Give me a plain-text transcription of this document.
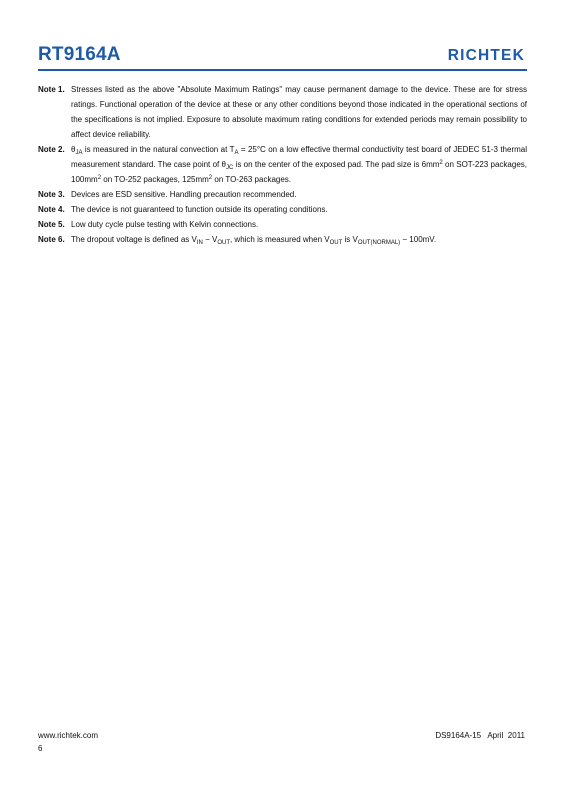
RT9164A	RICHTEK
Note 1. Stresses listed as the above "Absolute Maximum Ratings" may cause permanent damage to the device. These are for stress ratings. Functional operation of the device at these or any other conditions beyond those indicated in the operational sections of the specifications is not implied. Exposure to absolute maximum rating conditions for extended periods may remain possibility to affect device reliability.
Note 2. $\theta_{JA}$ is measured in the natural convection at $T_A = 25^\circ C$ on a low effective thermal conductivity test board of JEDEC 51-3 thermal measurement standard. The case point of $\theta_{JC}$ is on the center of the exposed pad. The pad size is $6mm^2$ on SOT-223 packages, $100mm^2$ on TO-252 packages, $125mm^2$ on TO-263 packages.
Note 3. Devices are ESD sensitive. Handling precaution recommended.
Note 4. The device is not guaranteed to function outside its operating conditions.
Note 5. Low duty cycle pulse testing with Kelvin connections.
Note 6. The dropout voltage is defined as $V_{IN} - V_{OUT}$, which is measured when $V_{OUT}$ is $V_{OUT(NORMAL)} - 100mV$.
www.richtek.com	DS9164A-15   April  2011
6
